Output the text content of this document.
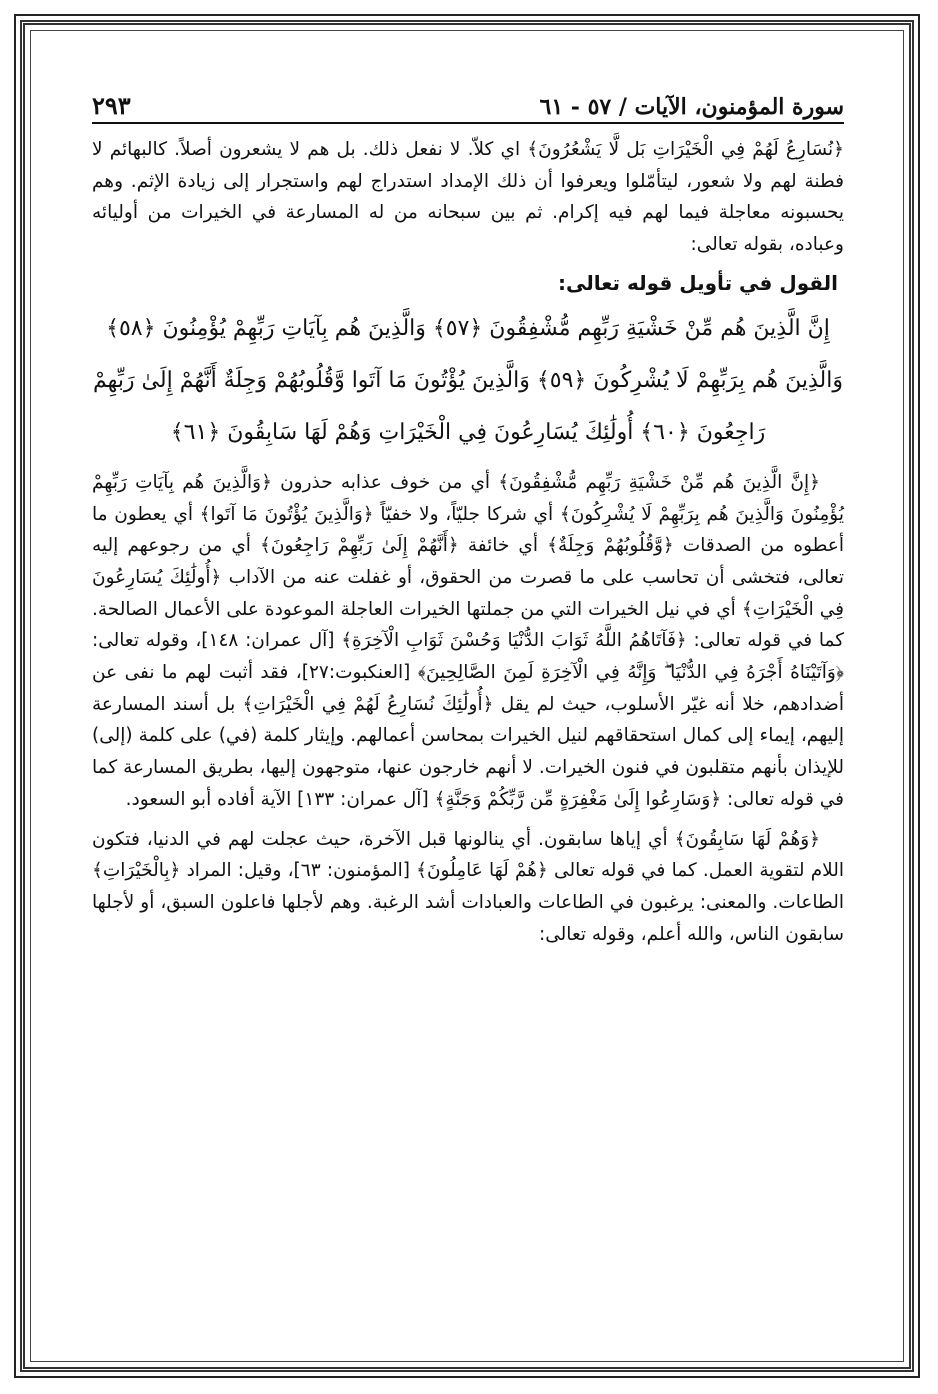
سورة المؤمنون، الآيات / ٥٧ - ٦١
٢٩٣

﴿نُسَارِعُ لَهُمْ فِي الْخَيْرَاتِ بَل لَّا يَشْعُرُونَ﴾ اي كلاّ. لا نفعل ذلك. بل هم لا يشعرون أصلاً. كالبهائم لا فطنة لهم ولا شعور، ليتأمّلوا ويعرفوا أن ذلك الإمداد استدراج لهم واستجرار إلى زيادة الإثم. وهم يحسبونه معاجلة فيما لهم فيه إكرام. ثم بين سبحانه من له المسارعة في الخيرات من أوليائه وعباده، بقوله تعالى:

القول في تأويل قوله تعالى:

إِنَّ الَّذِينَ هُم مِّنْ خَشْيَةِ رَبِّهِم مُّشْفِقُونَ ﴿٥٧﴾ وَالَّذِينَ هُم بِآيَاتِ رَبِّهِمْ يُؤْمِنُونَ ﴿٥٨﴾ وَالَّذِينَ هُم بِرَبِّهِمْ لَا يُشْرِكُونَ ﴿٥٩﴾ وَالَّذِينَ يُؤْتُونَ مَا آتَوا وَّقُلُوبُهُمْ وَجِلَةٌ أَنَّهُمْ إِلَىٰ رَبِّهِمْ رَاجِعُونَ ﴿٦٠﴾ أُولَٰئِكَ يُسَارِعُونَ فِي الْخَيْرَاتِ وَهُمْ لَهَا سَابِقُونَ ﴿٦١﴾

﴿إِنَّ الَّذِينَ هُم مِّنْ خَشْيَةِ رَبِّهِم مُّشْفِقُونَ﴾ أي من خوف عذابه حذرون ﴿وَالَّذِينَ هُم بِآيَاتِ رَبِّهِمْ يُؤْمِنُونَ وَالَّذِينَ هُم بِرَبِّهِمْ لَا يُشْرِكُونَ﴾ أي شركا جليّاً، ولا خفيّاً ﴿وَالَّذِينَ يُؤْتُونَ مَا آتَوا﴾ أي يعطون ما أعطوه من الصدقات ﴿وَّقُلُوبُهُمْ وَجِلَةٌ﴾ أي خائفة ﴿أَنَّهُمْ إِلَىٰ رَبِّهِمْ رَاجِعُونَ﴾ أي من رجوعهم إليه تعالى، فتخشى أن تحاسب على ما قصرت من الحقوق، أو غفلت عنه من الآداب ﴿أُولَٰئِكَ يُسَارِعُونَ فِي الْخَيْرَاتِ﴾ أي في نيل الخيرات التي من جملتها الخيرات العاجلة الموعودة على الأعمال الصالحة. كما في قوله تعالى: ﴿فَآتَاهُمُ اللَّهُ ثَوَابَ الدُّنْيَا وَحُسْنَ ثَوَابِ الْآخِرَةِ﴾ [آل عمران: ١٤٨]، وقوله تعالى: ﴿وَآتَيْنَاهُ أَجْرَهُ فِي الدُّنْيَا ۖ وَإِنَّهُ فِي الْآخِرَةِ لَمِنَ الصَّالِحِينَ﴾ [العنكبوت:٢٧]، فقد أثبت لهم ما نفى عن أضدادهم، خلا أنه غيّر الأسلوب، حيث لم يقل ﴿أُولَٰئِكَ نُسَارِعُ لَهُمْ فِي الْخَيْرَاتِ﴾ بل أسند المسارعة إليهم، إيماء إلى كمال استحقاقهم لنيل الخيرات بمحاسن أعمالهم. وإيثار كلمة (في) على كلمة (إلى) للإيذان بأنهم متقلبون في فنون الخيرات. لا أنهم خارجون عنها، متوجهون إليها، بطريق المسارعة كما في قوله تعالى: ﴿وَسَارِعُوا إِلَىٰ مَغْفِرَةٍ مِّن رَّبِّكُمْ وَجَنَّةٍ﴾ [آل عمران: ١٣٣] الآية أفاده أبو السعود.

﴿وَهُمْ لَهَا سَابِقُونَ﴾ أي إياها سابقون. أي ينالونها قبل الآخرة، حيث عجلت لهم في الدنيا، فتكون اللام لتقوية العمل. كما في قوله تعالى ﴿هُمْ لَهَا عَامِلُونَ﴾ [المؤمنون: ٦٣]، وقيل: المراد ﴿بِالْخَيْرَاتِ﴾ الطاعات. والمعنى: يرغبون في الطاعات والعبادات أشد الرغبة. وهم لأجلها فاعلون السبق، أو لأجلها سابقون الناس، والله أعلم، وقوله تعالى:
